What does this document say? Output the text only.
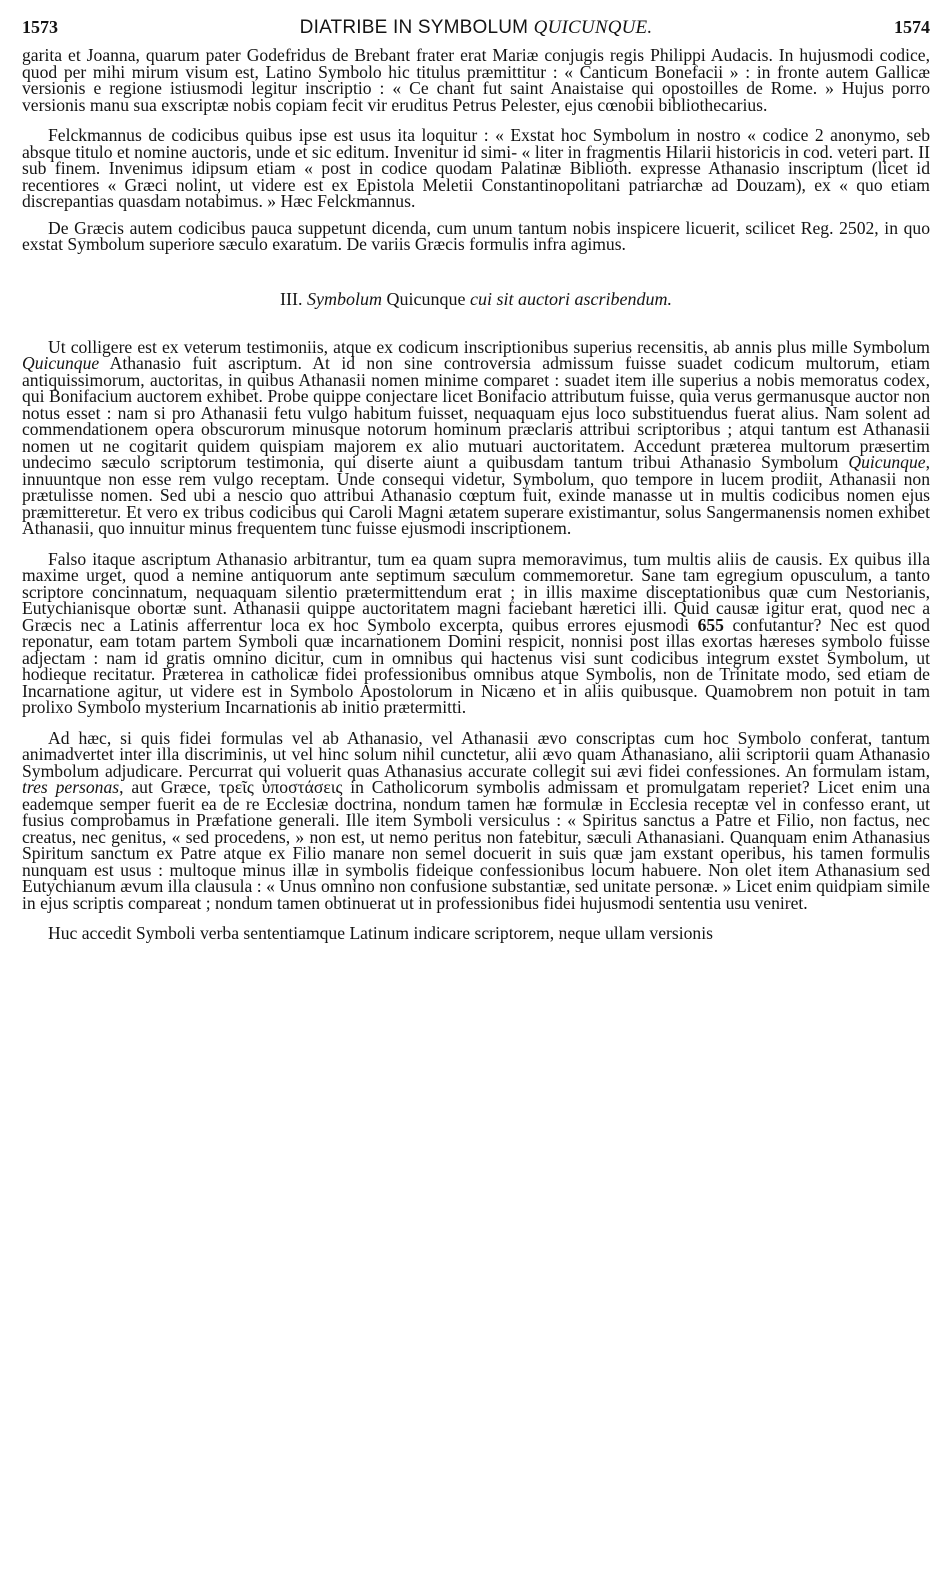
1573	DIATRIBE IN SYMBOLUM QUICUNQUE.	1574

garita et Joanna, quarum pater Godefridus de Brebant frater erat Mariæ conjugis regis Philippi Audacis. In hujusmodi codice, quod per mihi mirum visum est, Latino Symbolo hic titulus præmittitur : « Canticum Bonefacii » : in fronte autem Gallicæ versionis e regione istiusmodi legitur inscriptio : « Ce chant fut saint Anaistaise qui opostoilles de Rome. » Hujus porro versionis manu sua exscriptæ nobis copiam fecit vir eruditus Petrus Pelester, ejus cœnobii bibliothecarius.

Felckmannus de codicibus quibus ipse est usus ita loquitur : « Exstat hoc Symbolum in nostro « codice 2 anonymo, seb absque titulo et nomine auctoris, unde et sic editum. Invenitur id simi- « liter in fragmentis Hilarii historicis in cod. veteri part. II sub finem. Invenimus idipsum etiam « post in codice quodam Palatinæ Biblioth. expresse Athanasio inscriptum (licet id recentiores « Græci nolint, ut videre est ex Epistola Meletii Constantinopolitani patriarchæ ad Douzam), ex « quo etiam discrepantias quasdam notabimus. » Hæc Felckmannus.

De Græcis autem codicibus pauca suppetunt dicenda, cum unum tantum nobis inspicere licuerit, scilicet Reg. 2502, in quo exstat Symbolum superiore sæculo exaratum. De variis Græcis formulis infra agimus.

III. Symbolum Quicunque cui sit auctori ascribendum.

Ut colligere est ex veterum testimoniis, atque ex codicum inscriptionibus superius recensitis, ab annis plus mille Symbolum Quicunque Athanasio fuit ascriptum. At id non sine controversia admissum fuisse suadet codicum multorum, etiam antiquissimorum, auctoritas, in quibus Athanasii nomen minime comparet : suadet item ille superius a nobis memoratus codex, qui Bonifacium auctorem exhibet. Probe quippe conjectare licet Bonifacio attributum fuisse, quia verus germanusque auctor non notus esset : nam si pro Athanasii fetu vulgo habitum fuisset, nequaquam ejus loco substituendus fuerat alius. Nam solent ad commendationem opera obscurorum minusque notorum hominum præclaris attribui scriptoribus ; atqui tantum est Athanasii nomen ut ne cogitarit quidem quispiam majorem ex alio mutuari auctoritatem. Accedunt præterea multorum præsertim undecimo sæculo scriptorum testimonia, qui diserte aiunt a quibusdam tantum tribui Athanasio Symbolum Quicunque, innuuntque non esse rem vulgo receptam. Unde consequi videtur, Symbolum, quo tempore in lucem prodiit, Athanasii non prætulisse nomen. Sed ubi a nescio quo attribui Athanasio cœptum fuit, exinde manasse ut in multis codicibus nomen ejus præmitteretur. Et vero ex tribus codicibus qui Caroli Magni ætatem superare existimantur, solus Sangermanensis nomen exhibet Athanasii, quo innuitur minus frequentem tunc fuisse ejusmodi inscriptionem.

Falso itaque ascriptum Athanasio arbitrantur, tum ea quam supra memoravimus, tum multis aliis de causis. Ex quibus illa maxime urget, quod a nemine antiquorum ante septimum sæculum commemoretur. Sane tam egregium opusculum, a tanto scriptore concinnatum, nequaquam silentio prætermittendum erat ; in illis maxime disceptationibus quæ cum Nestorianis, Eutychianisque obortæ sunt. Athanasii quippe auctoritatem magni faciebant hæretici illi. Quid causæ igitur erat, quod nec a Græcis nec a Latinis afferrentur loca ex hoc Symbolo excerpta, quibus errores ejusmodi 655 confutantur? Nec est quod reponatur, eam totam partem Symboli quæ incarnationem Domini respicit, nonnisi post illas exortas hæreses symbolo fuisse adjectam : nam id gratis omnino dicitur, cum in omnibus qui hactenus visi sunt codicibus integrum exstet Symbolum, ut hodieque recitatur. Præterea in catholicæ fidei professionibus omnibus atque Symbolis, non de Trinitate modo, sed etiam de Incarnatione agitur, ut videre est in Symbolo Apostolorum in Nicæno et in aliis quibusque. Quamobrem non potuit in tam prolixo Symbolo mysterium Incarnationis ab initio prætermitti.

Ad hæc, si quis fidei formulas vel ab Athanasio, vel Athanasii ævo conscriptas cum hoc Symbolo conferat, tantum animadvertet inter illa discriminis, ut vel hinc solum nihil cunctetur, alii ævo quam Athanasiano, alii scriptorii quam Athanasio Symbolum adjudicare. Percurrat qui voluerit quas Athanasius accurate collegit sui ævi fidei confessiones. An formulam istam, tres personas, aut Græce, τρεῖς ὑποστάσεις in Catholicorum symbolis admissam et promulgatam reperiet? Licet enim una eademque semper fuerit ea de re Ecclesiæ doctrina, nondum tamen hæ formulæ in Ecclesia receptæ vel in confesso erant, ut fusius comprobamus in Præfatione generali. Ille item Symboli versiculus : « Spiritus sanctus a Patre et Filio, non factus, nec creatus, nec genitus, « sed procedens, » non est, ut nemo peritus non fatebitur, sæculi Athanasiani. Quanquam enim Athanasius Spiritum sanctum ex Patre atque ex Filio manare non semel docuerit in suis quæ jam exstant operibus, his tamen formulis nunquam est usus : multoque minus illæ in symbolis fideique confessionibus locum habuere. Non olet item Athanasium sed Eutychianum ævum illa clausula : « Unus omnino non confusione substantiæ, sed unitate personæ. » Licet enim quidpiam simile in ejus scriptis compareat ; nondum tamen obtinuerat ut in professionibus fidei hujusmodi sententia usu veniret.

Huc accedit Symboli verba sententiamque Latinum indicare scriptorem, neque ullam versionis
